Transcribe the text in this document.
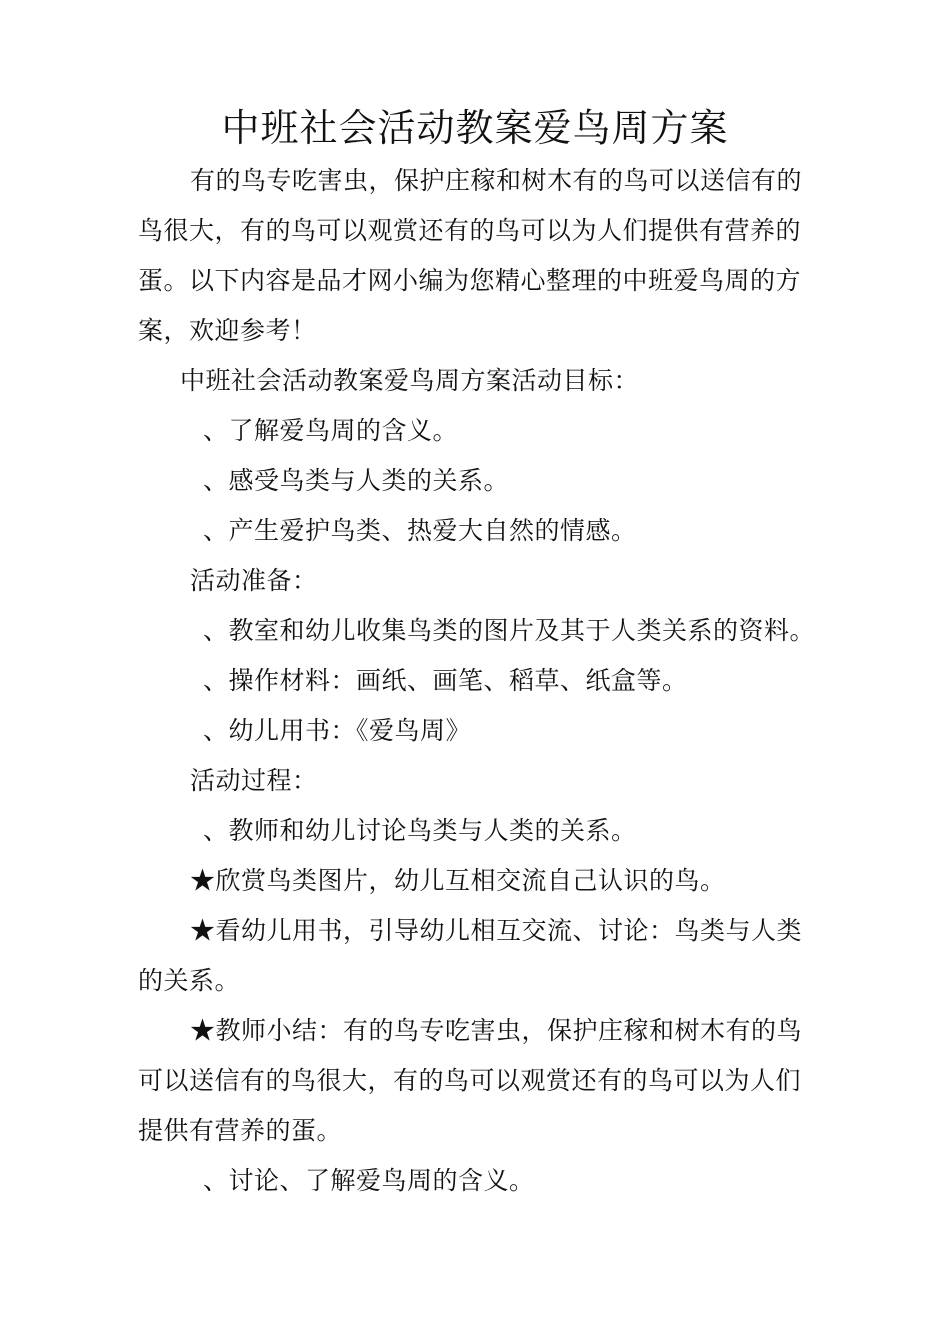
中班社会活动教案爱鸟周方案
有的鸟专吃害虫，保护庄稼和树木有的鸟可以送信有的
鸟很大，有的鸟可以观赏还有的鸟可以为人们提供有营养的
蛋。以下内容是品才网小编为您精心整理的中班爱鸟周的方
案，欢迎参考！
中班社会活动教案爱鸟周方案活动目标：
、了解爱鸟周的含义。
、感受鸟类与人类的关系。
、产生爱护鸟类、热爱大自然的情感。
活动准备：
、教室和幼儿收集鸟类的图片及其于人类关系的资料。
、操作材料：画纸、画笔、稻草、纸盒等。
、幼儿用书：《爱鸟周》
活动过程：
、教师和幼儿讨论鸟类与人类的关系。
★欣赏鸟类图片，幼儿互相交流自己认识的鸟。
★看幼儿用书，引导幼儿相互交流、讨论：鸟类与人类
的关系。
★教师小结：有的鸟专吃害虫，保护庄稼和树木有的鸟
可以送信有的鸟很大，有的鸟可以观赏还有的鸟可以为人们
提供有营养的蛋。
、讨论、了解爱鸟周的含义。
